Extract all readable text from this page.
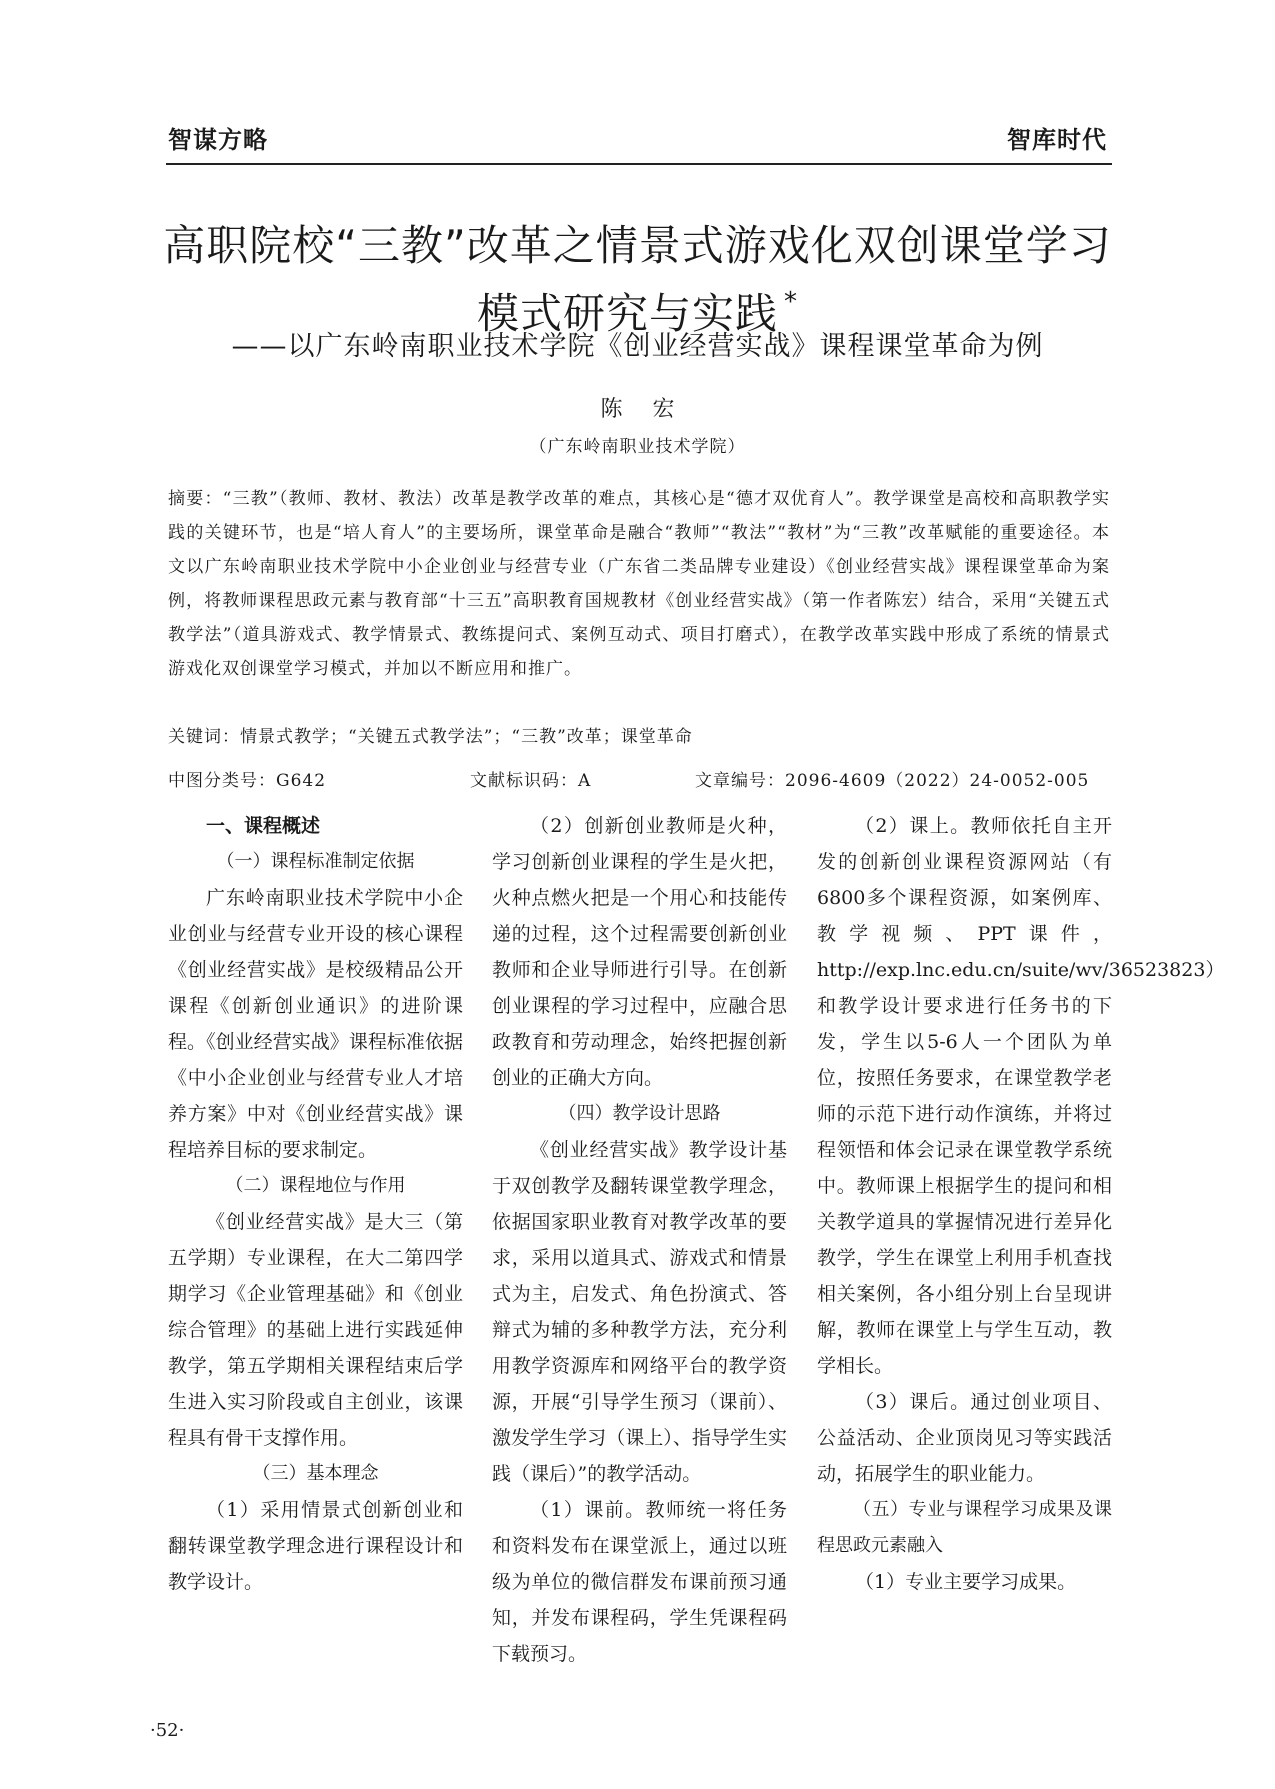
智谋方略	智库时代
高职院校“三教”改革之情景式游戏化双创课堂学习模式研究与实践 *
——以广东岭南职业技术学院《创业经营实战》课程课堂革命为例
陈宏
（广东岭南职业技术学院）

摘要：“三教”（教师、教材、教法）改革是教学改革的难点，其核心是“德才双优育人”。教学课堂是高校和高职教学实践的关键环节，也是“培人育人”的主要场所，课堂革命是融合“教师”“教法”“教材”为“三教”改革赋能的重要途径。本文以广东岭南职业技术学院中小企业创业与经营专业（广东省二类品牌专业建设）《创业经营实战》课程课堂革命为案例，将教师课程思政元素与教育部“十三五”高职教育国规教材《创业经营实战》（第一作者陈宏）结合，采用“关键五式教学法”（道具游戏式、教学情景式、教练提问式、案例互动式、项目打磨式），在教学改革实践中形成了系统的情景式游戏化双创课堂学习模式，并加以不断应用和推广。

关键词：情景式教学；“关键五式教学法”；“三教”改革；课堂革命
中图分类号：G642	文献标识码：A	文章编号：2096-4609（2022）24-0052-005

一、课程概述

（一）课程标准制定依据

广东岭南职业技术学院中小企业创业与经营专业开设的核心课程《创业经营实战》是校级精品公开课程《创新创业通识》的进阶课程。《创业经营实战》课程标准依据《中小企业创业与经营专业人才培养方案》中对《创业经营实战》课程培养目标的要求制定。

（二）课程地位与作用

《创业经营实战》是大三（第五学期）专业课程，在大二第四学期学习《企业管理基础》和《创业综合管理》的基础上进行实践延伸教学，第五学期相关课程结束后学生进入实习阶段或自主创业，该课程具有骨干支撑作用。

（三）基本理念

（1）采用情景式创新创业和翻转课堂教学理念进行课程设计和教学设计。

（2）创新创业教师是火种，学习创新创业课程的学生是火把，火种点燃火把是一个用心和技能传递的过程，这个过程需要创新创业教师和企业导师进行引导。在创新创业课程的学习过程中，应融合思政教育和劳动理念，始终把握创新创业的正确大方向。

（四）教学设计思路

《创业经营实战》教学设计基于双创教学及翻转课堂教学理念，依据国家职业教育对教学改革的要求，采用以道具式、游戏式和情景式为主，启发式、角色扮演式、答辩式为辅的多种教学方法，充分利用教学资源库和网络平台的教学资源，开展“引导学生预习（课前）、激发学生学习（课上）、指导学生实践（课后）”的教学活动。

（1）课前。教师统一将任务和资料发布在课堂派上，通过以班级为单位的微信群发布课前预习通知，并发布课程码，学生凭课程码下载预习。

（2）课上。教师依托自主开发的创新创业课程资源网站（有6800多个课程资源，如案例库、教学视频、PPT课件，http://exp.lnc.edu.cn/suite/wv/36523823）和教学设计要求进行任务书的下发，学生以5-6人一个团队为单位，按照任务要求，在课堂教学老师的示范下进行动作演练，并将过程领悟和体会记录在课堂教学系统中。教师课上根据学生的提问和相关教学道具的掌握情况进行差异化教学，学生在课堂上利用手机查找相关案例，各小组分别上台呈现讲解，教师在课堂上与学生互动，教学相长。

（3）课后。通过创业项目、公益活动、企业顶岗见习等实践活动，拓展学生的职业能力。

（五）专业与课程学习成果及课程思政元素融入

（1）专业主要学习成果。

·52·
